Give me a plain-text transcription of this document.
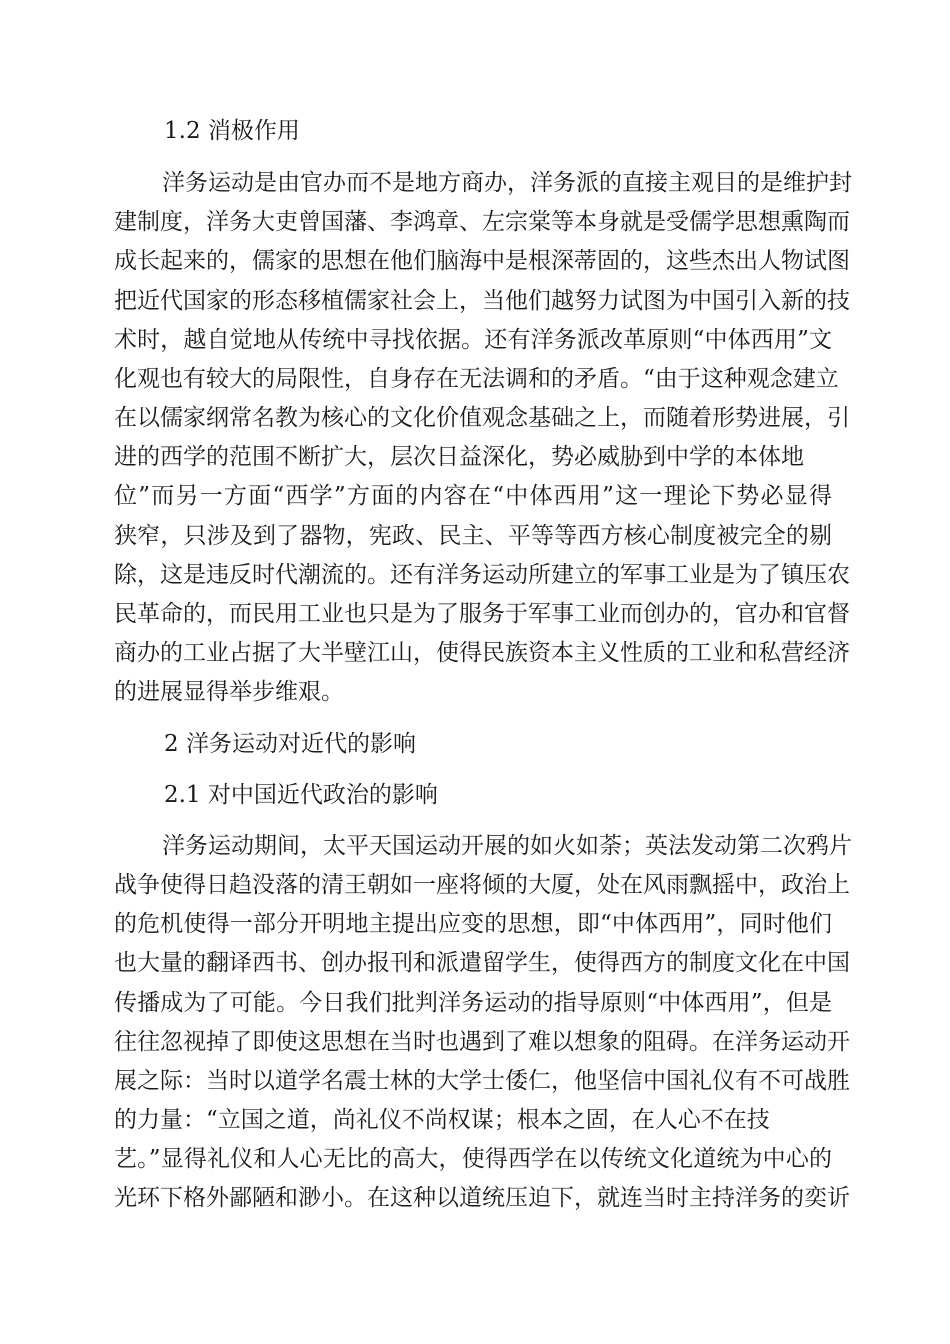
1.2 消极作用
洋务运动是由官办而不是地方商办，洋务派的直接主观目的是维护封
建制度，洋务大吏曾国藩、李鸿章、左宗棠等本身就是受儒学思想熏陶而
成长起来的，儒家的思想在他们脑海中是根深蒂固的，这些杰出人物试图
把近代国家的形态移植儒家社会上，当他们越努力试图为中国引入新的技
术时，越自觉地从传统中寻找依据。还有洋务派改革原则“中体西用”文
化观也有较大的局限性，自身存在无法调和的矛盾。“由于这种观念建立
在以儒家纲常名教为核心的文化价值观念基础之上，而随着形势进展，引
进的西学的范围不断扩大，层次日益深化，势必威胁到中学的本体地
位”而另一方面“西学”方面的内容在“中体西用”这一理论下势必显得
狭窄，只涉及到了器物，宪政、民主、平等等西方核心制度被完全的剔
除，这是违反时代潮流的。还有洋务运动所建立的军事工业是为了镇压农
民革命的，而民用工业也只是为了服务于军事工业而创办的，官办和官督
商办的工业占据了大半壁江山，使得民族资本主义性质的工业和私营经济
的进展显得举步维艰。
2 洋务运动对近代的影响
2.1 对中国近代政治的影响
洋务运动期间，太平天国运动开展的如火如荼；英法发动第二次鸦片
战争使得日趋没落的清王朝如一座将倾的大厦，处在风雨飘摇中，政治上
的危机使得一部分开明地主提出应变的思想，即“中体西用”，同时他们
也大量的翻译西书、创办报刊和派遣留学生，使得西方的制度文化在中国
传播成为了可能。今日我们批判洋务运动的指导原则“中体西用”，但是
往往忽视掉了即使这思想在当时也遇到了难以想象的阻碍。在洋务运动开
展之际：当时以道学名震士林的大学士倭仁，他坚信中国礼仪有不可战胜
的力量：“立国之道，尚礼仪不尚权谋；根本之固，在人心不在技
艺。”显得礼仪和人心无比的高大，使得西学在以传统文化道统为中心的
光环下格外鄙陋和渺小。在这种以道统压迫下，就连当时主持洋务的奕䜣
